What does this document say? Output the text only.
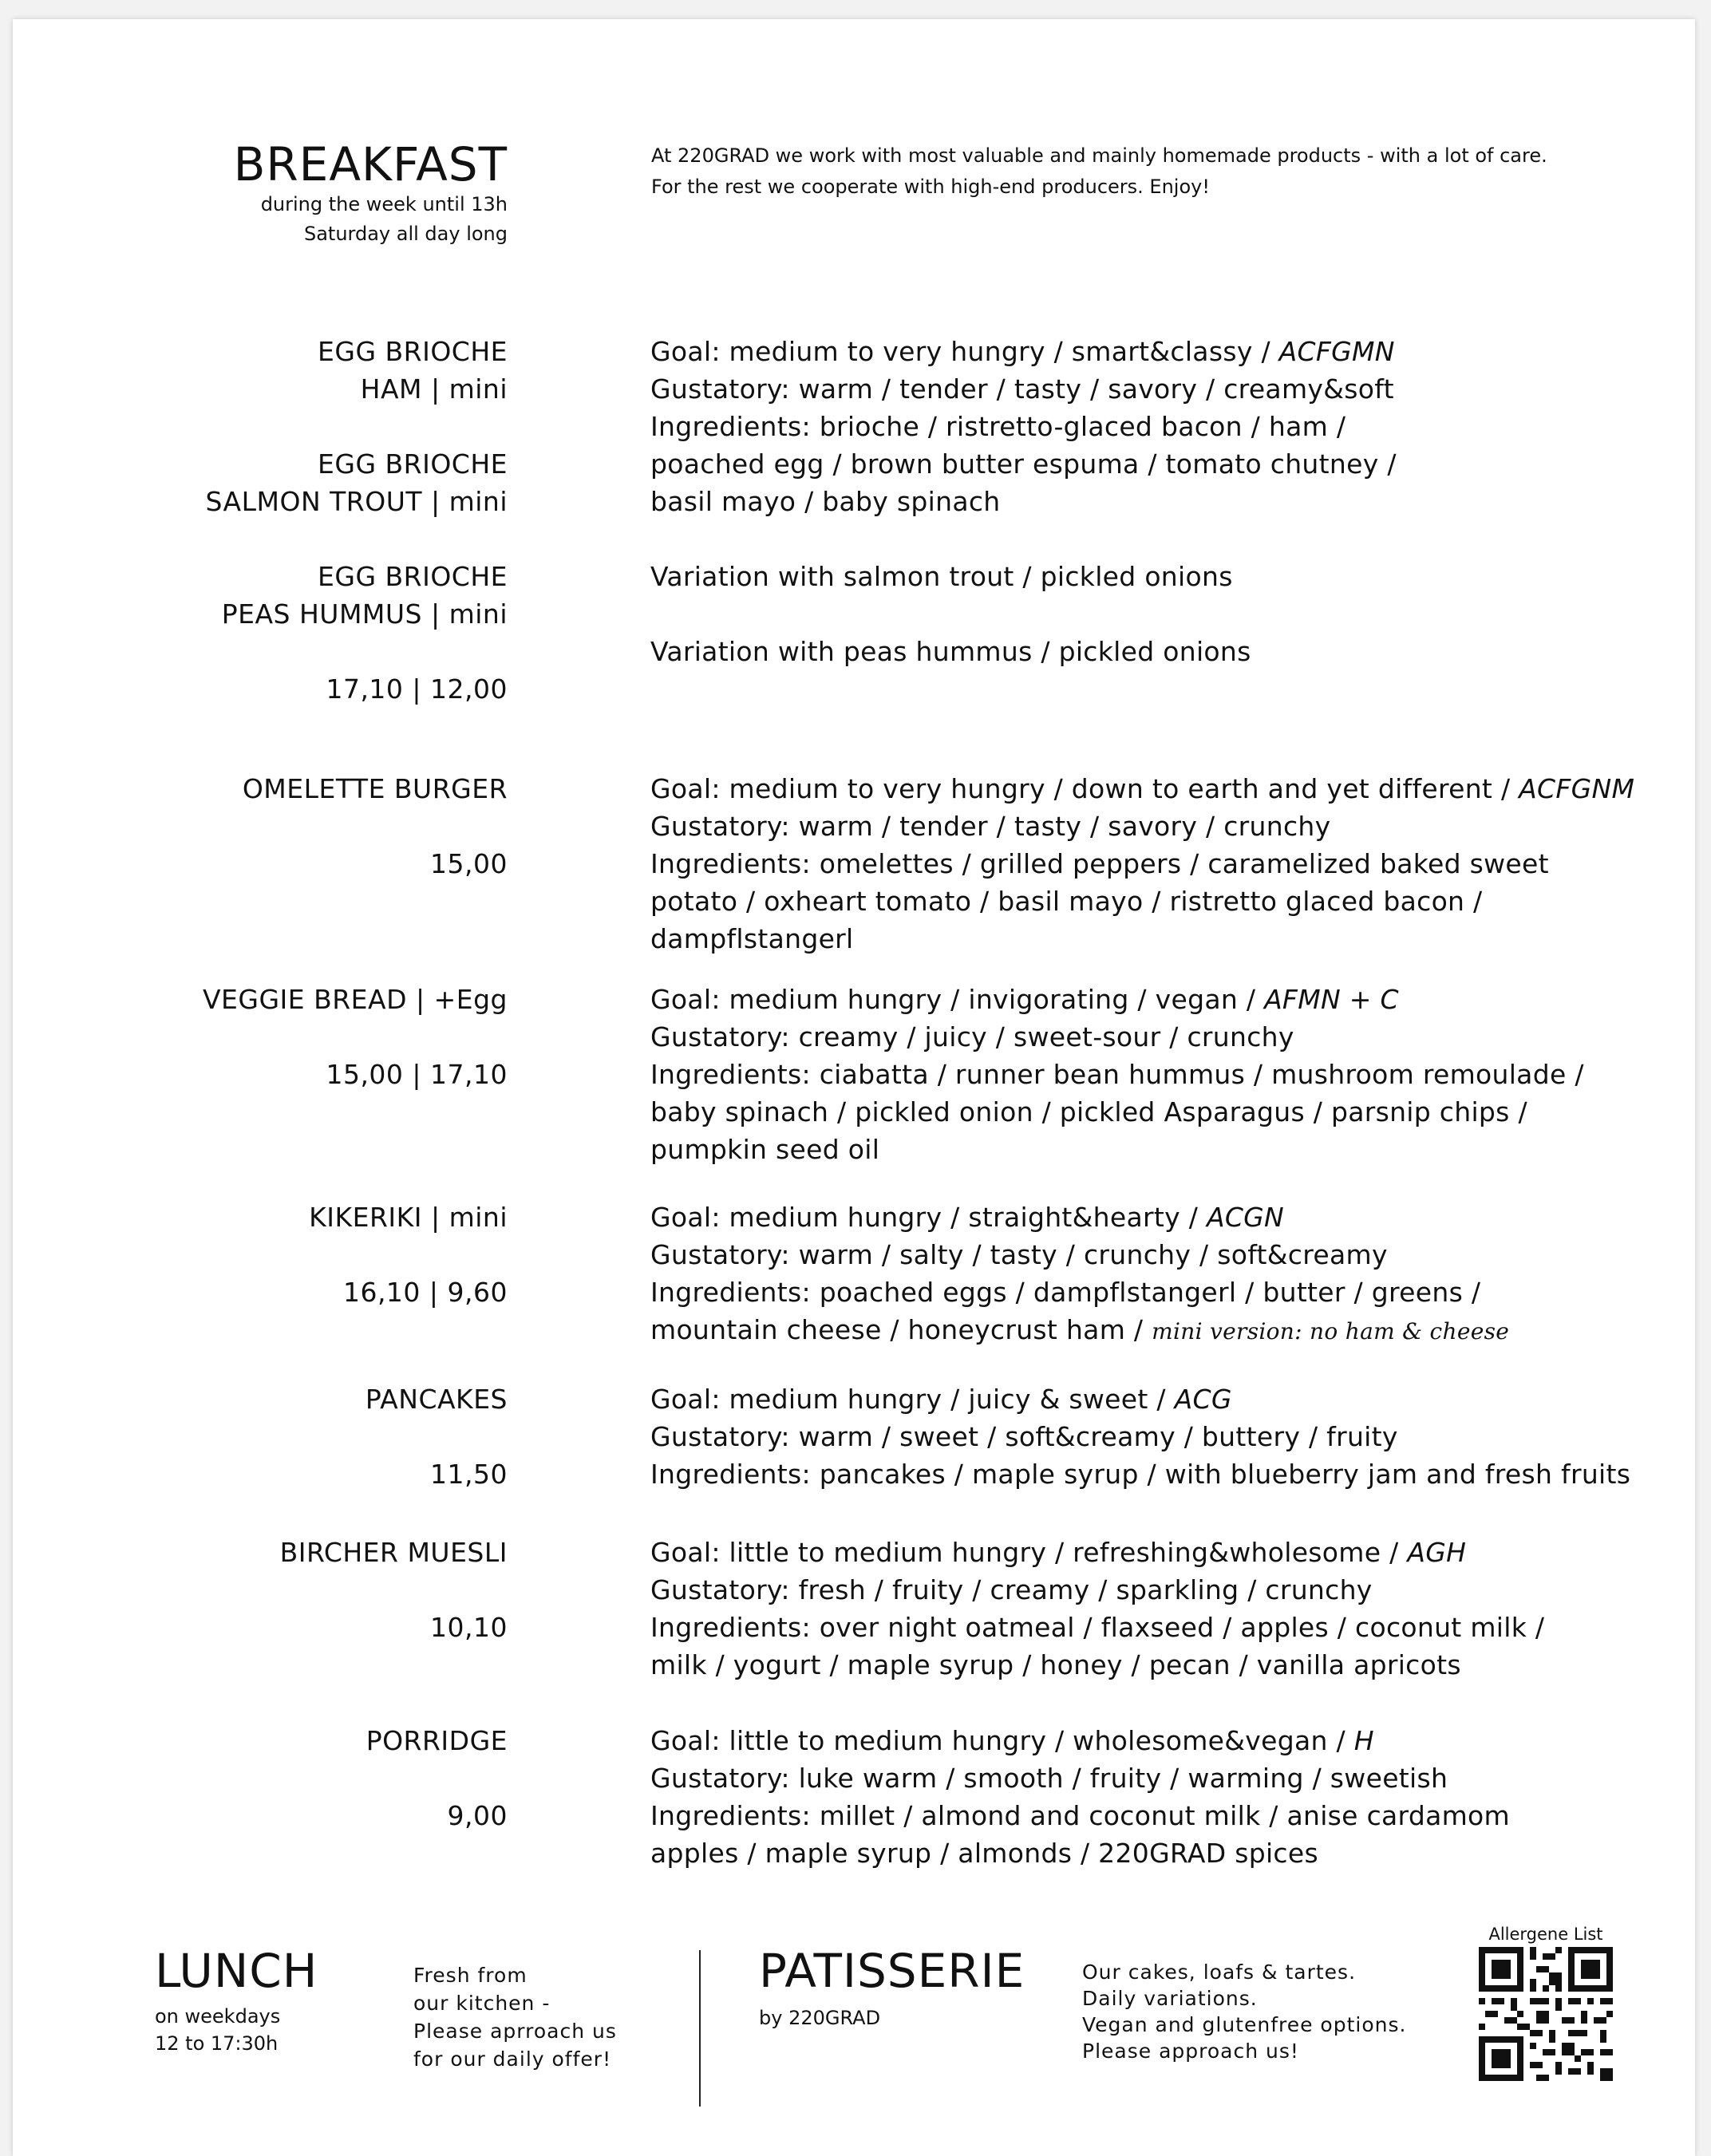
BREAKFAST
during the week until 13h
Saturday all day long
At 220GRAD we work with most valuable and mainly homemade products - with a lot of care.
For the rest we cooperate with high-end producers. Enjoy!
EGG BRIOCHE
HAM | mini
EGG BRIOCHE
SALMON TROUT | mini
EGG BRIOCHE
PEAS HUMMUS | mini
17,10 | 12,00
Goal: medium to very hungry / smart&classy / ACFGMN
Gustatory: warm / tender / tasty / savory / creamy&soft
Ingredients: brioche / ristretto-glaced bacon / ham /
poached egg / brown butter espuma / tomato chutney /
basil mayo / baby spinach
Variation with salmon trout / pickled onions
Variation with peas hummus / pickled onions
OMELETTE BURGER
15,00
Goal: medium to very hungry / down to earth and yet different / ACFGNM
Gustatory: warm / tender / tasty / savory / crunchy
Ingredients: omelettes / grilled peppers / caramelized baked sweet
potato / oxheart tomato / basil mayo / ristretto glaced bacon /
dampflstangerl
VEGGIE BREAD | +Egg
15,00 | 17,10
Goal: medium hungry / invigorating / vegan / AFMN + C
Gustatory: creamy / juicy / sweet-sour / crunchy
Ingredients: ciabatta / runner bean hummus / mushroom remoulade /
baby spinach / pickled onion / pickled Asparagus / parsnip chips /
pumpkin seed oil
KIKERIKI | mini
16,10 | 9,60
Goal: medium hungry / straight&hearty / ACGN
Gustatory: warm / salty / tasty / crunchy / soft&creamy
Ingredients: poached eggs / dampflstangerl / butter / greens /
mountain cheese / honeycrust ham / mini version: no ham & cheese
PANCAKES
11,50
Goal: medium hungry / juicy & sweet / ACG
Gustatory: warm / sweet / soft&creamy / buttery / fruity
Ingredients: pancakes / maple syrup / with blueberry jam and fresh fruits
BIRCHER MUESLI
10,10
Goal: little to medium hungry / refreshing&wholesome / AGH
Gustatory: fresh / fruity / creamy / sparkling / crunchy
Ingredients: over night oatmeal / flaxseed / apples / coconut milk /
milk / yogurt / maple syrup / honey / pecan / vanilla apricots
PORRIDGE
9,00
Goal: little to medium hungry / wholesome&vegan / H
Gustatory: luke warm / smooth / fruity / warming / sweetish
Ingredients: millet / almond and coconut milk / anise cardamom
apples / maple syrup / almonds / 220GRAD spices
LUNCH
on weekdays
12 to 17:30h
Fresh from
our kitchen -
Please aprroach us
for our daily offer!
PATISSERIE
by 220GRAD
Our cakes, loafs & tartes.
Daily variations.
Vegan and glutenfree options.
Please approach us!
Allergene List
